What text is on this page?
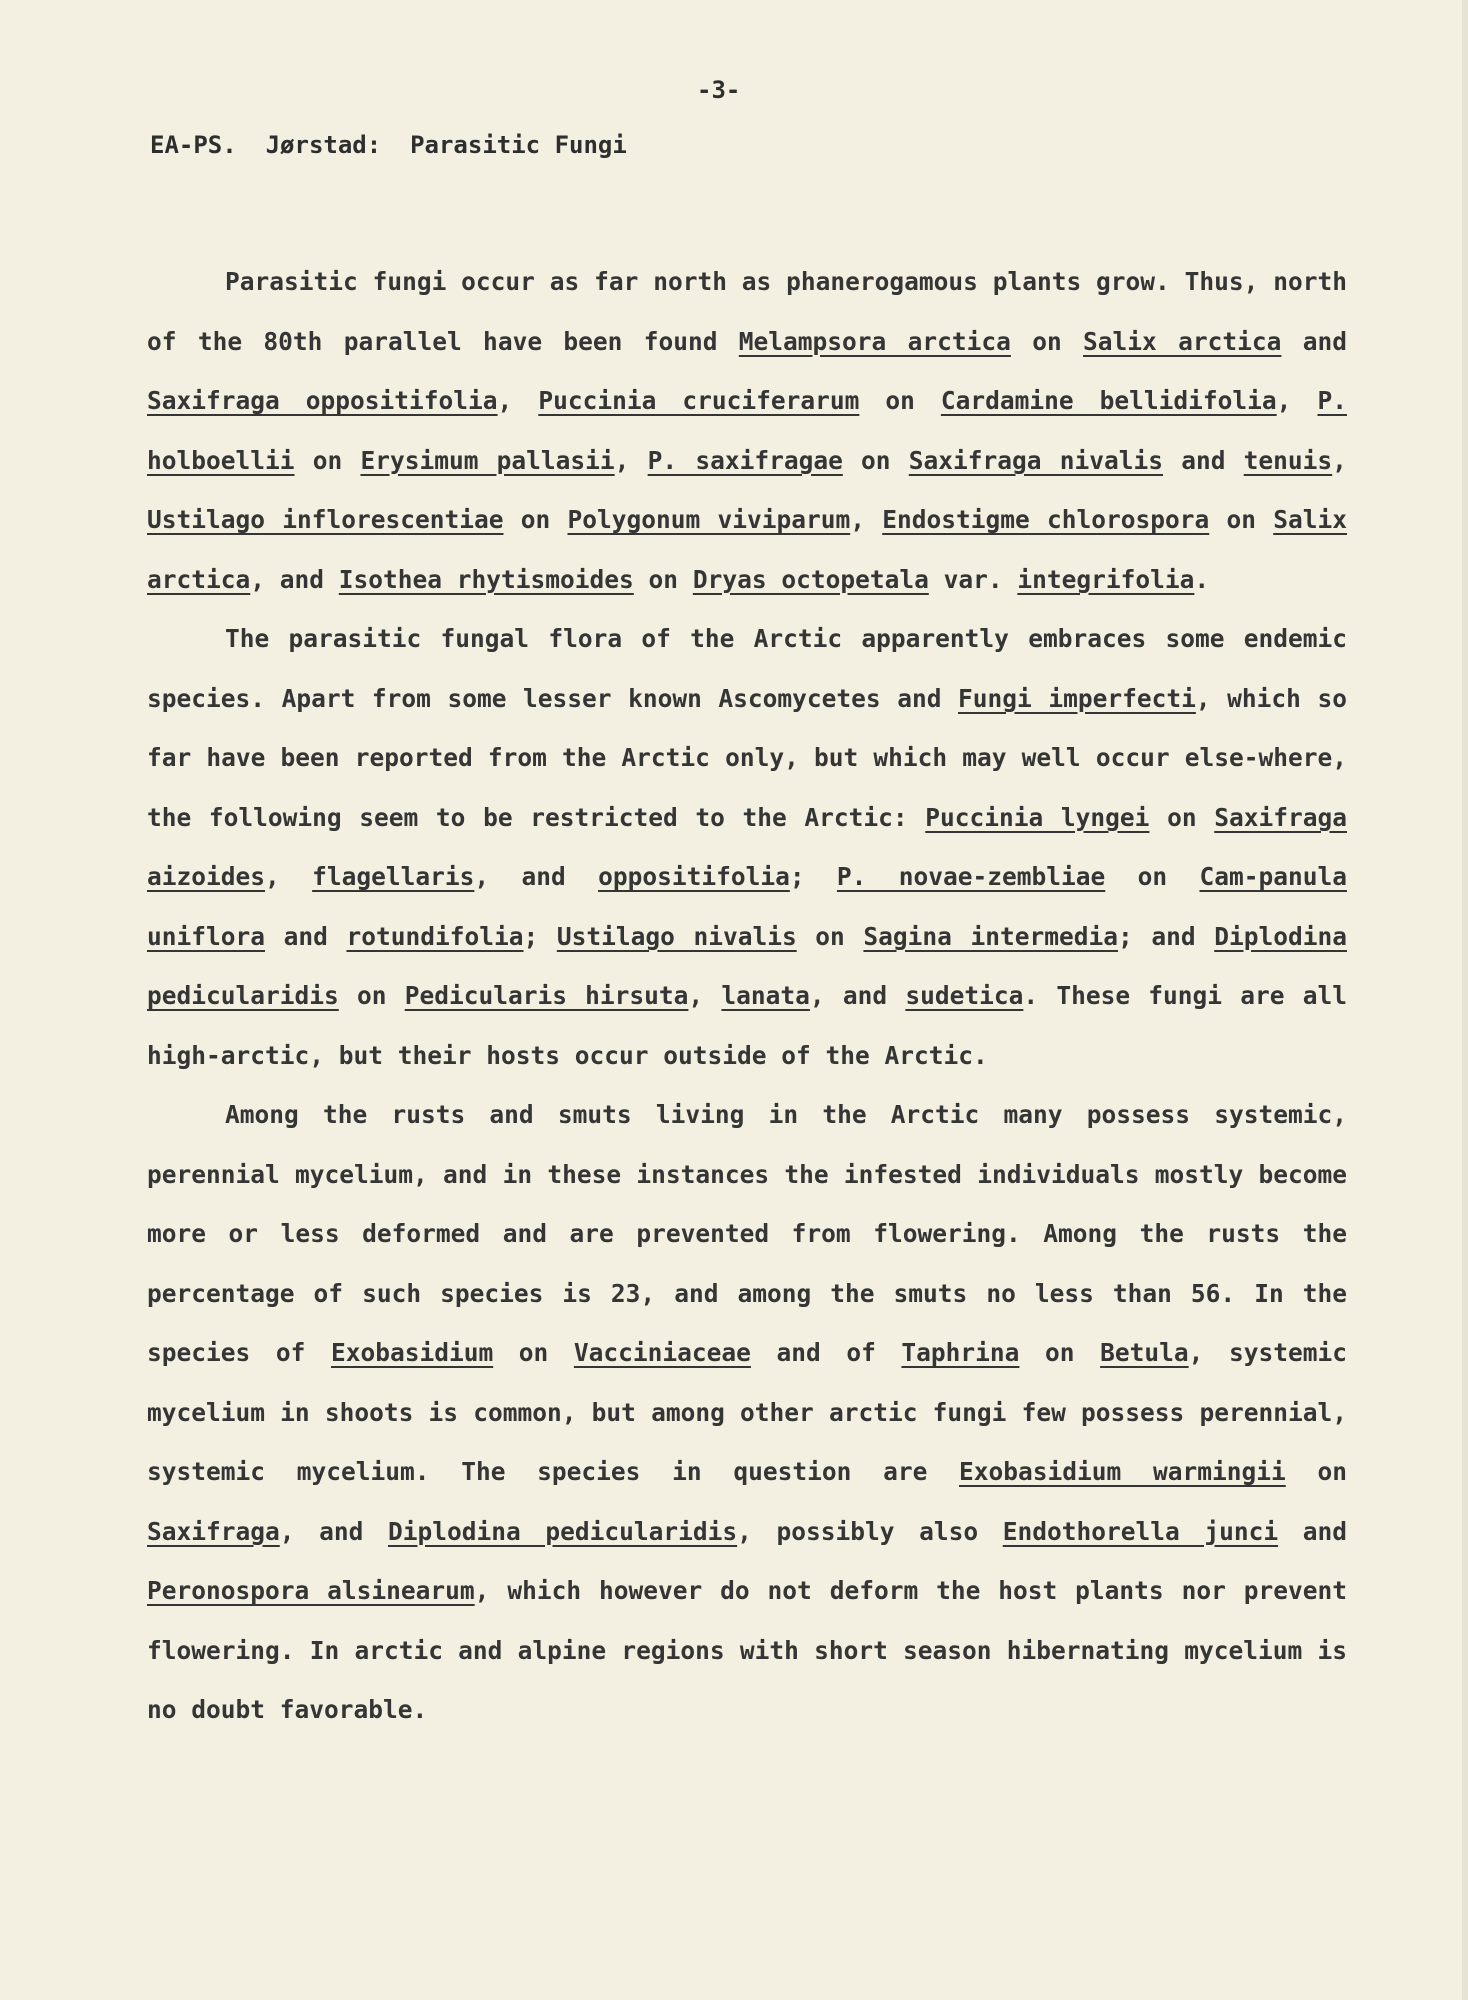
-3-
EA-PS.  Jørstad:  Parasitic Fungi

Parasitic fungi occur as far north as phanerogamous plants grow. Thus, north of the 80th parallel have been found Melampsora arctica on Salix arctica and Saxifraga oppositifolia, Puccinia cruciferarum on Cardamine bellidifolia, P. holboellii on Erysimum pallasii, P. saxifragae on Saxifraga nivalis and tenuis, Ustilago inflorescentiae on Polygonum viviparum, Endostigme chlorospora on Salix arctica, and Isothea rhytismoides on Dryas octopetala var. integrifolia.

The parasitic fungal flora of the Arctic apparently embraces some endemic species. Apart from some lesser known Ascomycetes and Fungi imperfecti, which so far have been reported from the Arctic only, but which may well occur else-where, the following seem to be restricted to the Arctic: Puccinia lyngei on Saxifraga aizoides, flagellaris, and oppositifolia; P. novae-zembliae on Cam-panula uniflora and rotundifolia; Ustilago nivalis on Sagina intermedia; and Diplodina pedicularidis on Pedicularis hirsuta, lanata, and sudetica. These fungi are all high-arctic, but their hosts occur outside of the Arctic.

Among the rusts and smuts living in the Arctic many possess systemic, perennial mycelium, and in these instances the infested individuals mostly become more or less deformed and are prevented from flowering. Among the rusts the percentage of such species is 23, and among the smuts no less than 56. In the species of Exobasidium on Vacciniaceae and of Taphrina on Betula, systemic mycelium in shoots is common, but among other arctic fungi few possess perennial, systemic mycelium. The species in question are Exobasidium warmingii on Saxifraga, and Diplodina pedicularidis, possibly also Endothorella junci and Peronospora alsinearum, which however do not deform the host plants nor prevent flowering. In arctic and alpine regions with short season hibernating mycelium is no doubt favorable.
